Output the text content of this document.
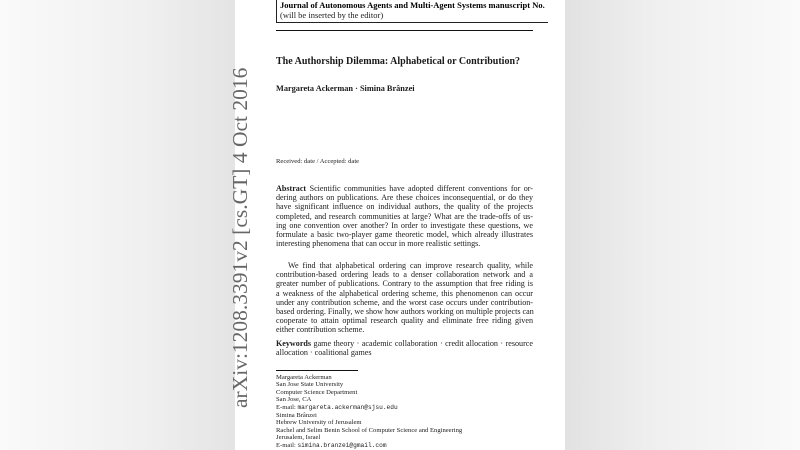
Journal of Autonomous Agents and Multi-Agent Systems manuscript No.
(will be inserted by the editor)
The Authorship Dilemma: Alphabetical or Contribution?
Margareta Ackerman · Simina Brânzei
Received: date / Accepted: date
arXiv:1208.3391v2 [cs.GT] 4 Oct 2016	Abstract Scientific communities have adopted different conventions for or-
dering authors on publications. Are these choices inconsequential, or do they
have significant influence on individual authors, the quality of the projects
completed, and research communities at large? What are the trade-offs of us-
ing one convention over another? In order to investigate these questions, we
formulate a basic two-player game theoretic model, which already illustrates
interesting phenomena that can occur in more realistic settings.
We find that alphabetical ordering can improve research quality, while
contribution-based ordering leads to a denser collaboration network and a
greater number of publications. Contrary to the assumption that free riding is
a weakness of the alphabetical ordering scheme, this phenomenon can occur
under any contribution scheme, and the worst case occurs under contribution-
based ordering. Finally, we show how authors working on multiple projects can
cooperate to attain optimal research quality and eliminate free riding given
either contribution scheme.
Keywords game theory · academic collaboration · credit allocation · resource
allocation · coalitional games
Margareta Ackerman
San Jose State University
Computer Science Department
San Jose, CA
E-mail: margareta.ackerman@sjsu.edu
Simina Brânzei
Hebrew University of Jerusalem
Rachel and Selim Benin School of Computer Science and Engineering
Jerusalem, Israel
E-mail: simina.branzei@gmail.com
